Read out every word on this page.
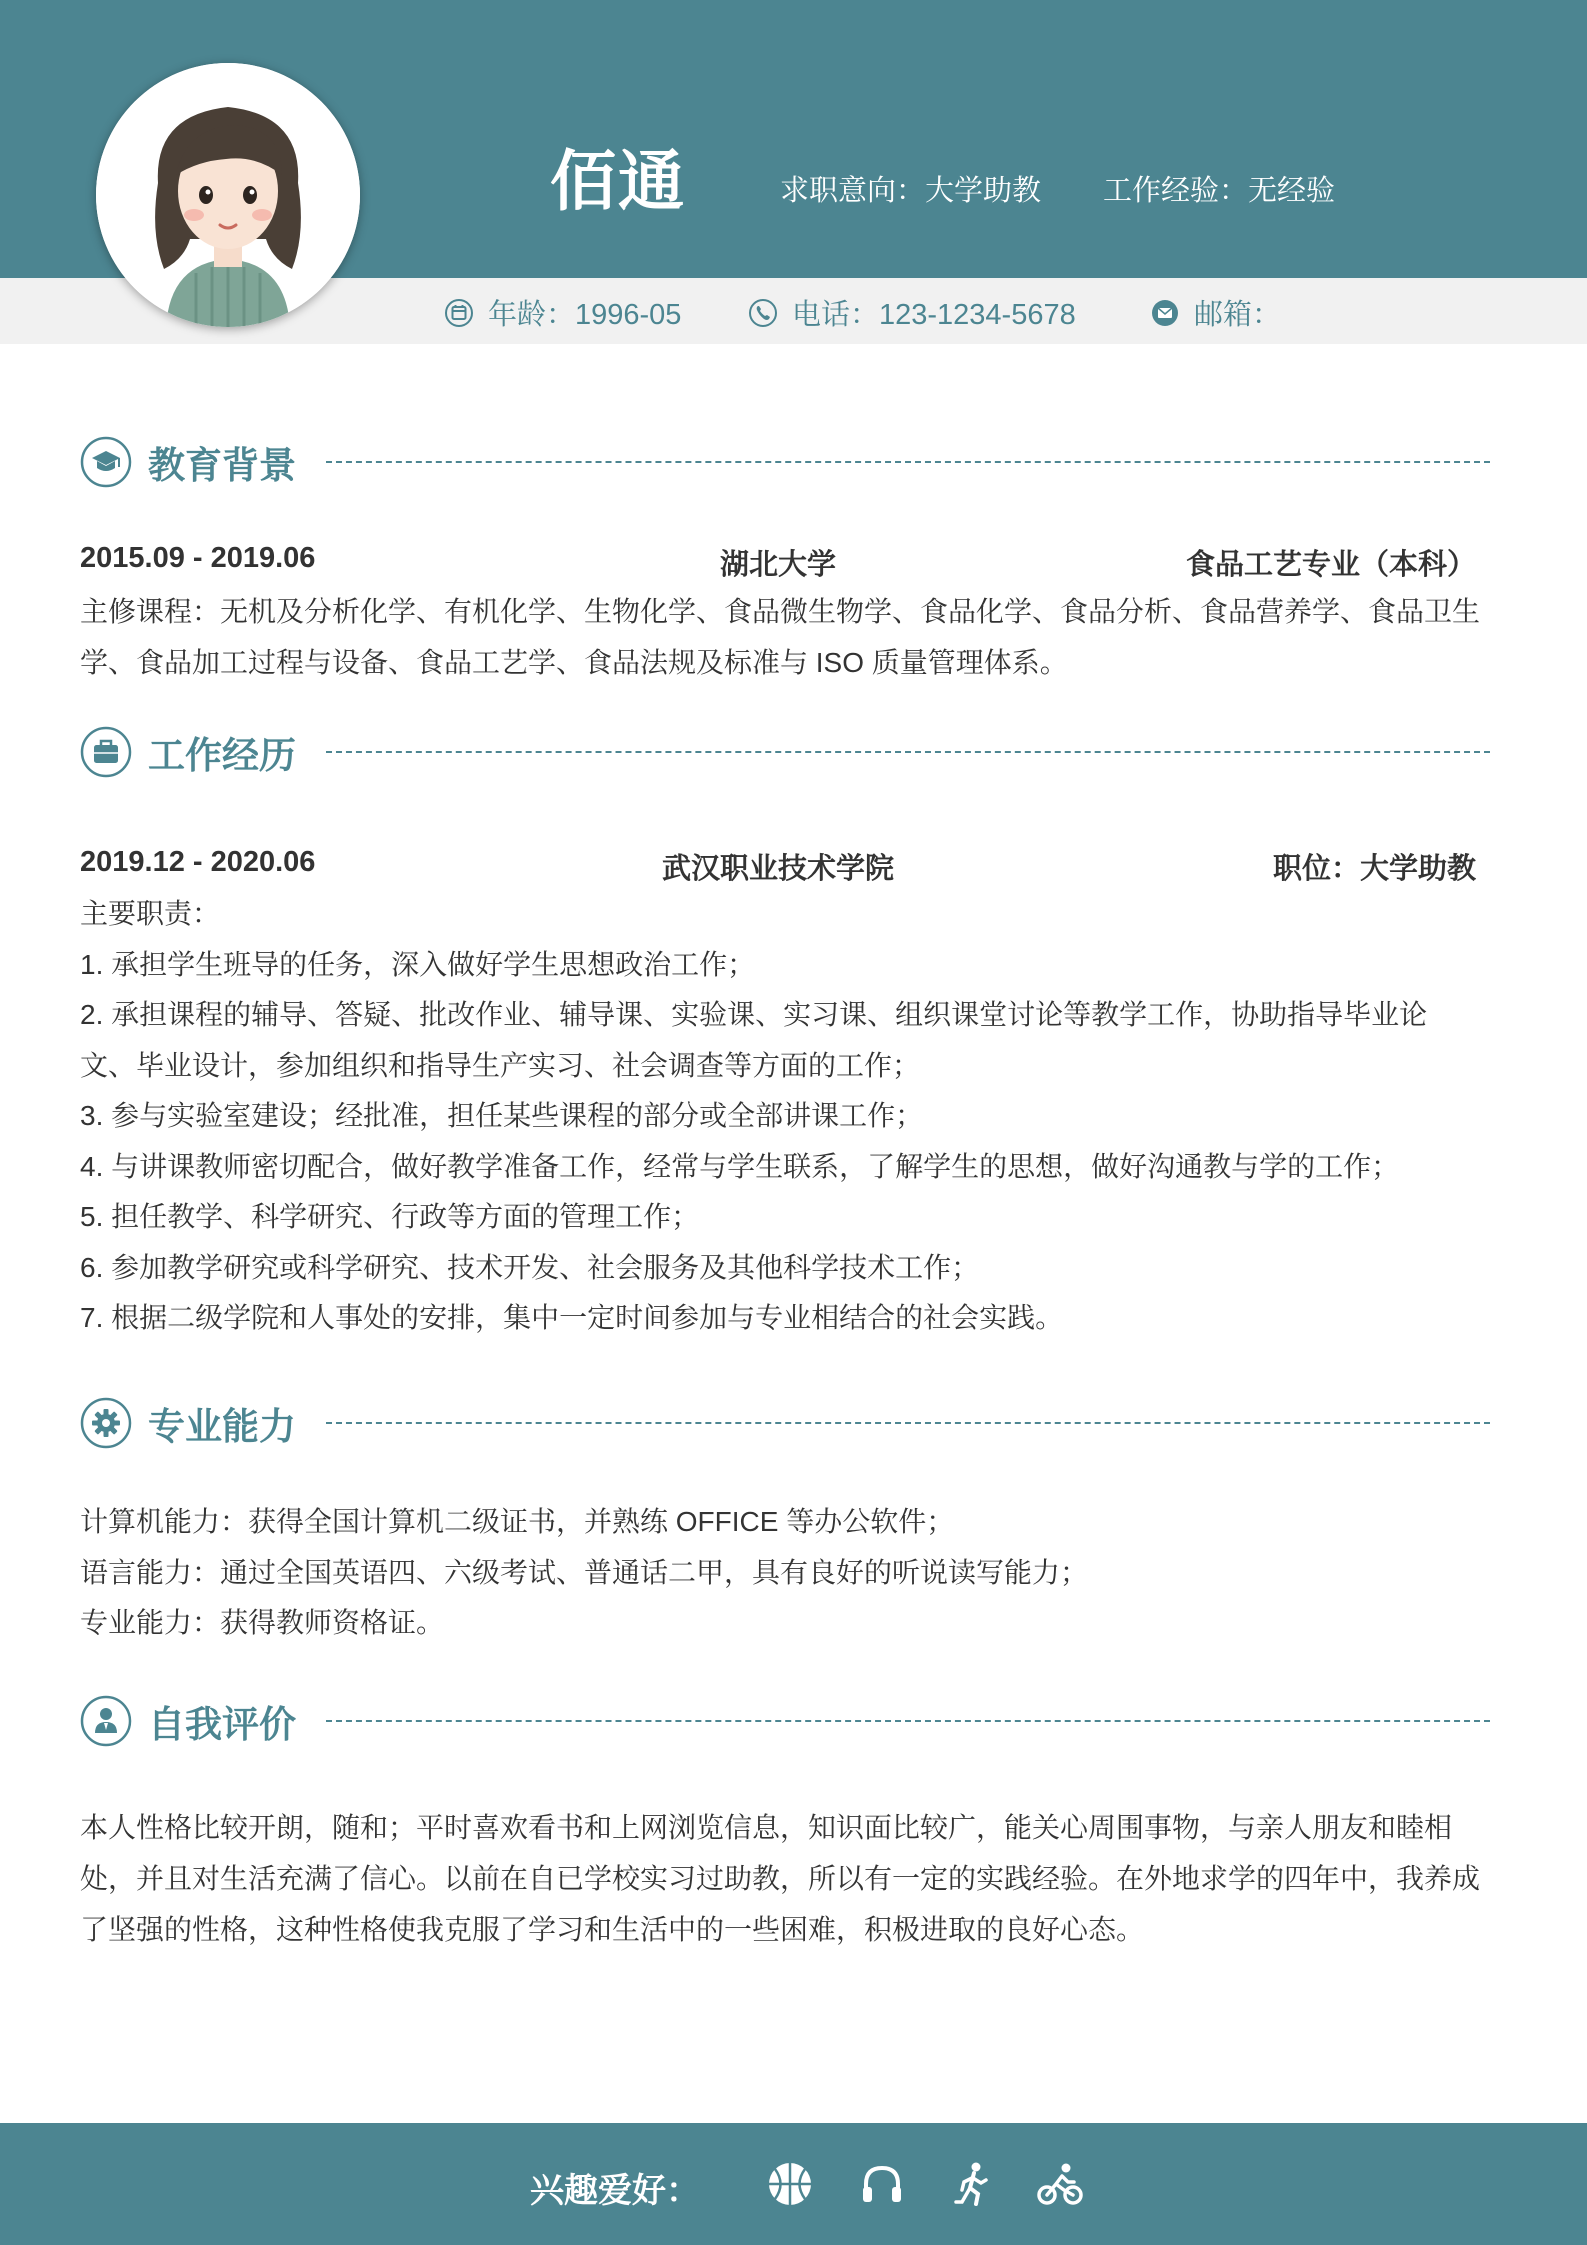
佰通	求职意向：大学助教 工作经验：无经验
年龄：1996-05	电话：123-1234-5678	邮箱：
教育背景
2015.09 - 2019.06	湖北大学	食品工艺专业（本科）
主修课程：无机及分析化学、有机化学、生物化学、食品微生物学、食品化学、食品分析、食品营养学、食品卫生学、食品加工过程与设备、食品工艺学、食品法规及标准与 ISO 质量管理体系。
工作经历
2019.12 - 2020.06	武汉职业技术学院	职位：大学助教
主要职责：
1. 承担学生班导的任务，深入做好学生思想政治工作；
2. 承担课程的辅导、答疑、批改作业、辅导课、实验课、实习课、组织课堂讨论等教学工作，协助指导毕业论文、毕业设计，参加组织和指导生产实习、社会调查等方面的工作；
3. 参与实验室建设；经批准，担任某些课程的部分或全部讲课工作；
4. 与讲课教师密切配合，做好教学准备工作，经常与学生联系，了解学生的思想，做好沟通教与学的工作；
5. 担任教学、科学研究、行政等方面的管理工作；
6. 参加教学研究或科学研究、技术开发、社会服务及其他科学技术工作；
7. 根据二级学院和人事处的安排，集中一定时间参加与专业相结合的社会实践。
专业能力
计算机能力：获得全国计算机二级证书，并熟练 OFFICE 等办公软件；
语言能力：通过全国英语四、六级考试、普通话二甲，具有良好的听说读写能力；
专业能力：获得教师资格证。
自我评价
本人性格比较开朗，随和；平时喜欢看书和上网浏览信息，知识面比较广，能关心周围事物，与亲人朋友和睦相处，并且对生活充满了信心。以前在自已学校实习过助教，所以有一定的实践经验。在外地求学的四年中，我养成了坚强的性格，这种性格使我克服了学习和生活中的一些困难，积极进取的良好心态。
兴趣爱好：
